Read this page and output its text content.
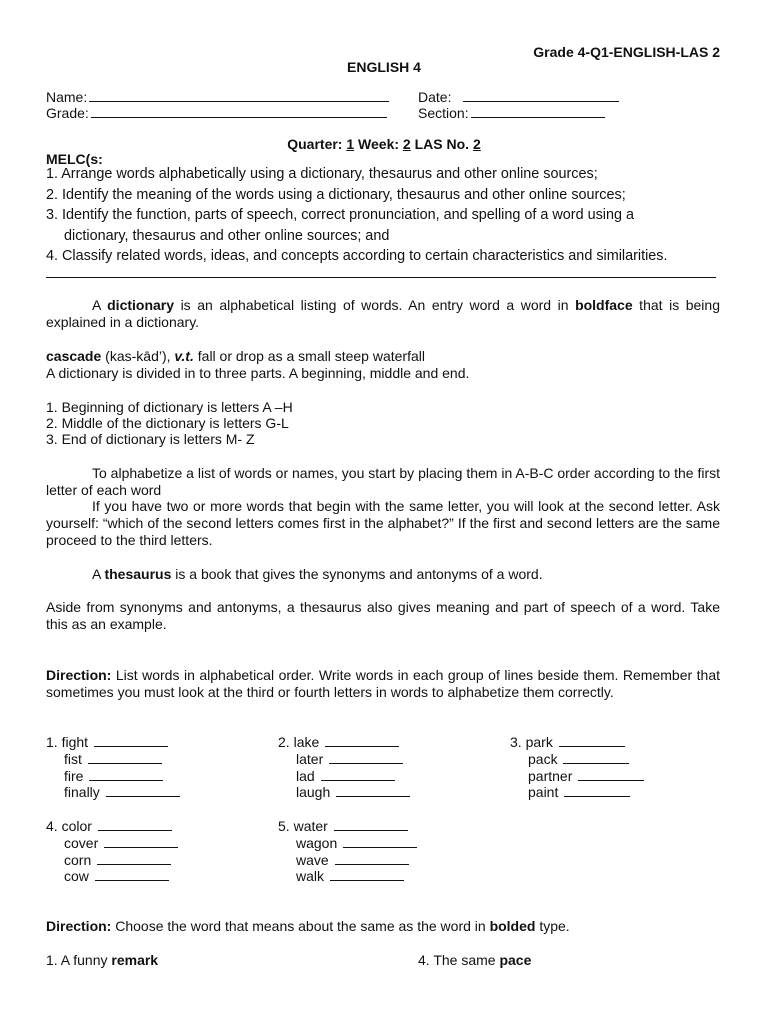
Grade 4-Q1-ENGLISH-LAS 2
ENGLISH 4
Name:
Grade:
Date:
Section:
Quarter: 1 Week: 2 LAS No. 2
MELC(s:
1. Arrange words alphabetically using a dictionary, thesaurus and other online sources;
2. Identify the meaning of the words using a dictionary, thesaurus and other online sources;
3. Identify the function, parts of speech, correct pronunciation, and spelling of a word using a
dictionary, thesaurus and other online sources; and
4. Classify related words, ideas, and concepts according to certain characteristics and similarities.
A dictionary is an alphabetical listing of words. An entry word a word in boldface that is being explained in a dictionary.
cascade (kas-kād’), v.t. fall or drop as a small steep waterfall
A dictionary is divided in to three parts. A beginning, middle and end.
1. Beginning of dictionary is letters A –H
2. Middle of the dictionary is letters G-L
3. End of dictionary is letters M- Z
To alphabetize a list of words or names, you start by placing them in A-B-C order according to the first letter of each word
If you have two or more words that begin with the same letter, you will look at the second letter. Ask yourself: “which of the second letters comes first in the alphabet?” If the first and second letters are the same proceed to the third letters.
A thesaurus is a book that gives the synonyms and antonyms of a word.
Aside from synonyms and antonyms, a thesaurus also gives meaning and part of speech of a word. Take this as an example.
Direction: List words in alphabetical order. Write words in each group of lines beside them. Remember that sometimes you must look at the third or fourth letters in words to alphabetize them correctly.
1. fight
fist
fire
finally
2. lake
later
lad
laugh
3. park
pack
partner
paint
4. color
cover
corn
cow
5. water
wagon
wave
walk
Direction: Choose the word that means about the same as the word in bolded type.
1. A funny remark	4. The same pace
